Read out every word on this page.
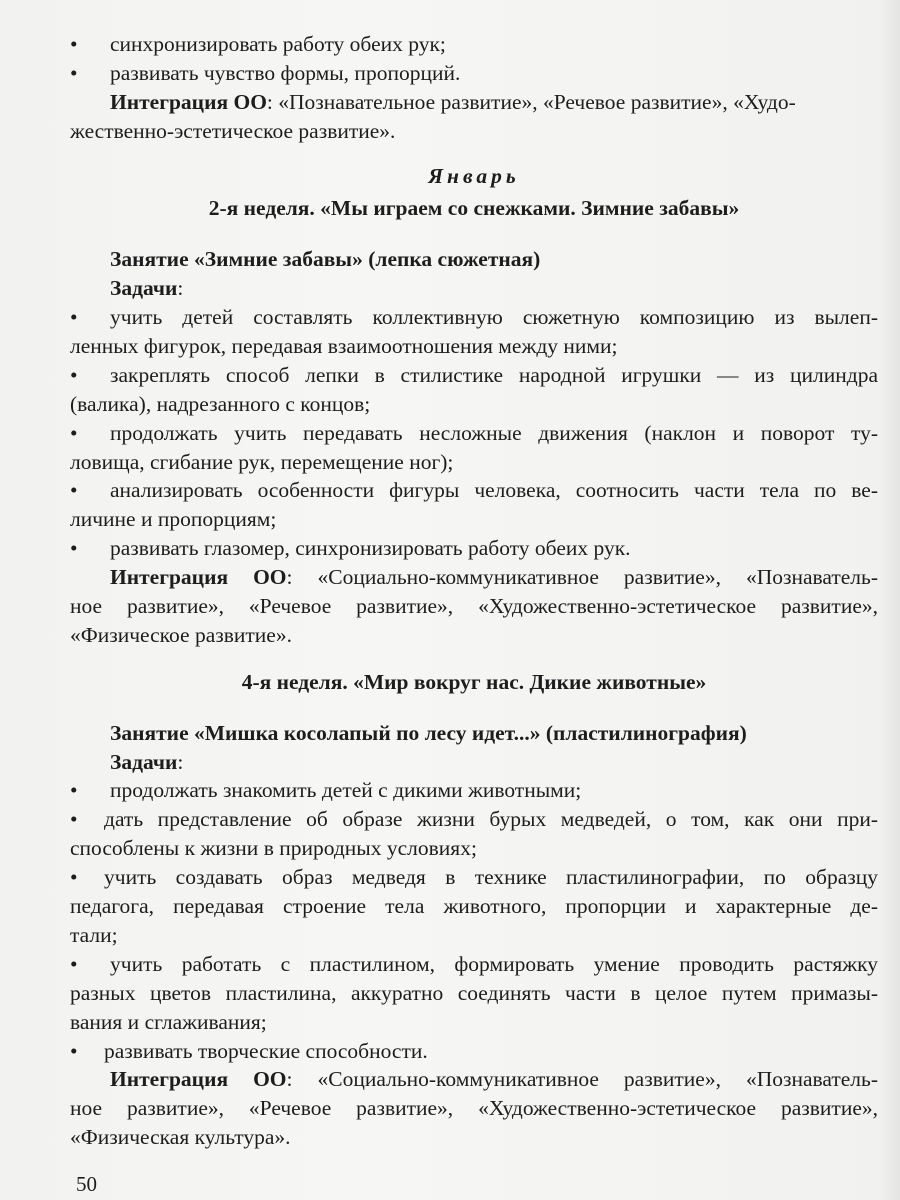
•	синхронизировать работу обеих рук;
•	развивать чувство формы, пропорций.
Интеграция ОО: «Познавательное развитие», «Речевое развитие», «Худо-
жественно-эстетическое развитие».
Январь
2-я неделя. «Мы играем со снежками. Зимние забавы»
Занятие «Зимние забавы» (лепка сюжетная)
Задачи :
•	учить детей составлять коллективную сюжетную композицию из вылеп-
ленных фигурок, передавая взаимоотношения между ними;
•	закреплять способ лепки в стилистике народной игрушки — из цилиндра
(валика), надрезанного с концов;
•	продолжать учить передавать несложные движения (наклон и поворот ту-
ловища, сгибание рук, перемещение ног);
•	анализировать особенности фигуры человека, соотносить части тела по ве-
личине и пропорциям;
•	развивать глазомер, синхронизировать работу обеих рук.
Интеграция ОО: «Социально-коммуникативное развитие», «Познаватель-
ное развитие», «Речевое развитие», «Художественно-эстетическое развитие»,
«Физическое развитие».
4-я неделя. «Мир вокруг нас. Дикие животные»
Занятие «Мишка косолапый по лесу идет...» (пластилинография)
Задачи :
•	продолжать знакомить детей с дикими животными;
•	дать представление об образе жизни бурых медведей, о том, как они при-
способлены к жизни в природных условиях;
•	учить создавать образ медведя в технике пластилинографии, по образцу
педагога, передавая строение тела животного, пропорции и характерные де-
тали;
•	учить работать с пластилином, формировать умение проводить растяжку
разных цветов пластилина, аккуратно соединять части в целое путем примазы-
вания и сглаживания;
•	развивать творческие способности.
Интеграция ОО: «Социально-коммуникативное развитие», «Познаватель-
ное развитие», «Речевое развитие», «Художественно-эстетическое развитие»,
«Физическая культура».
50
